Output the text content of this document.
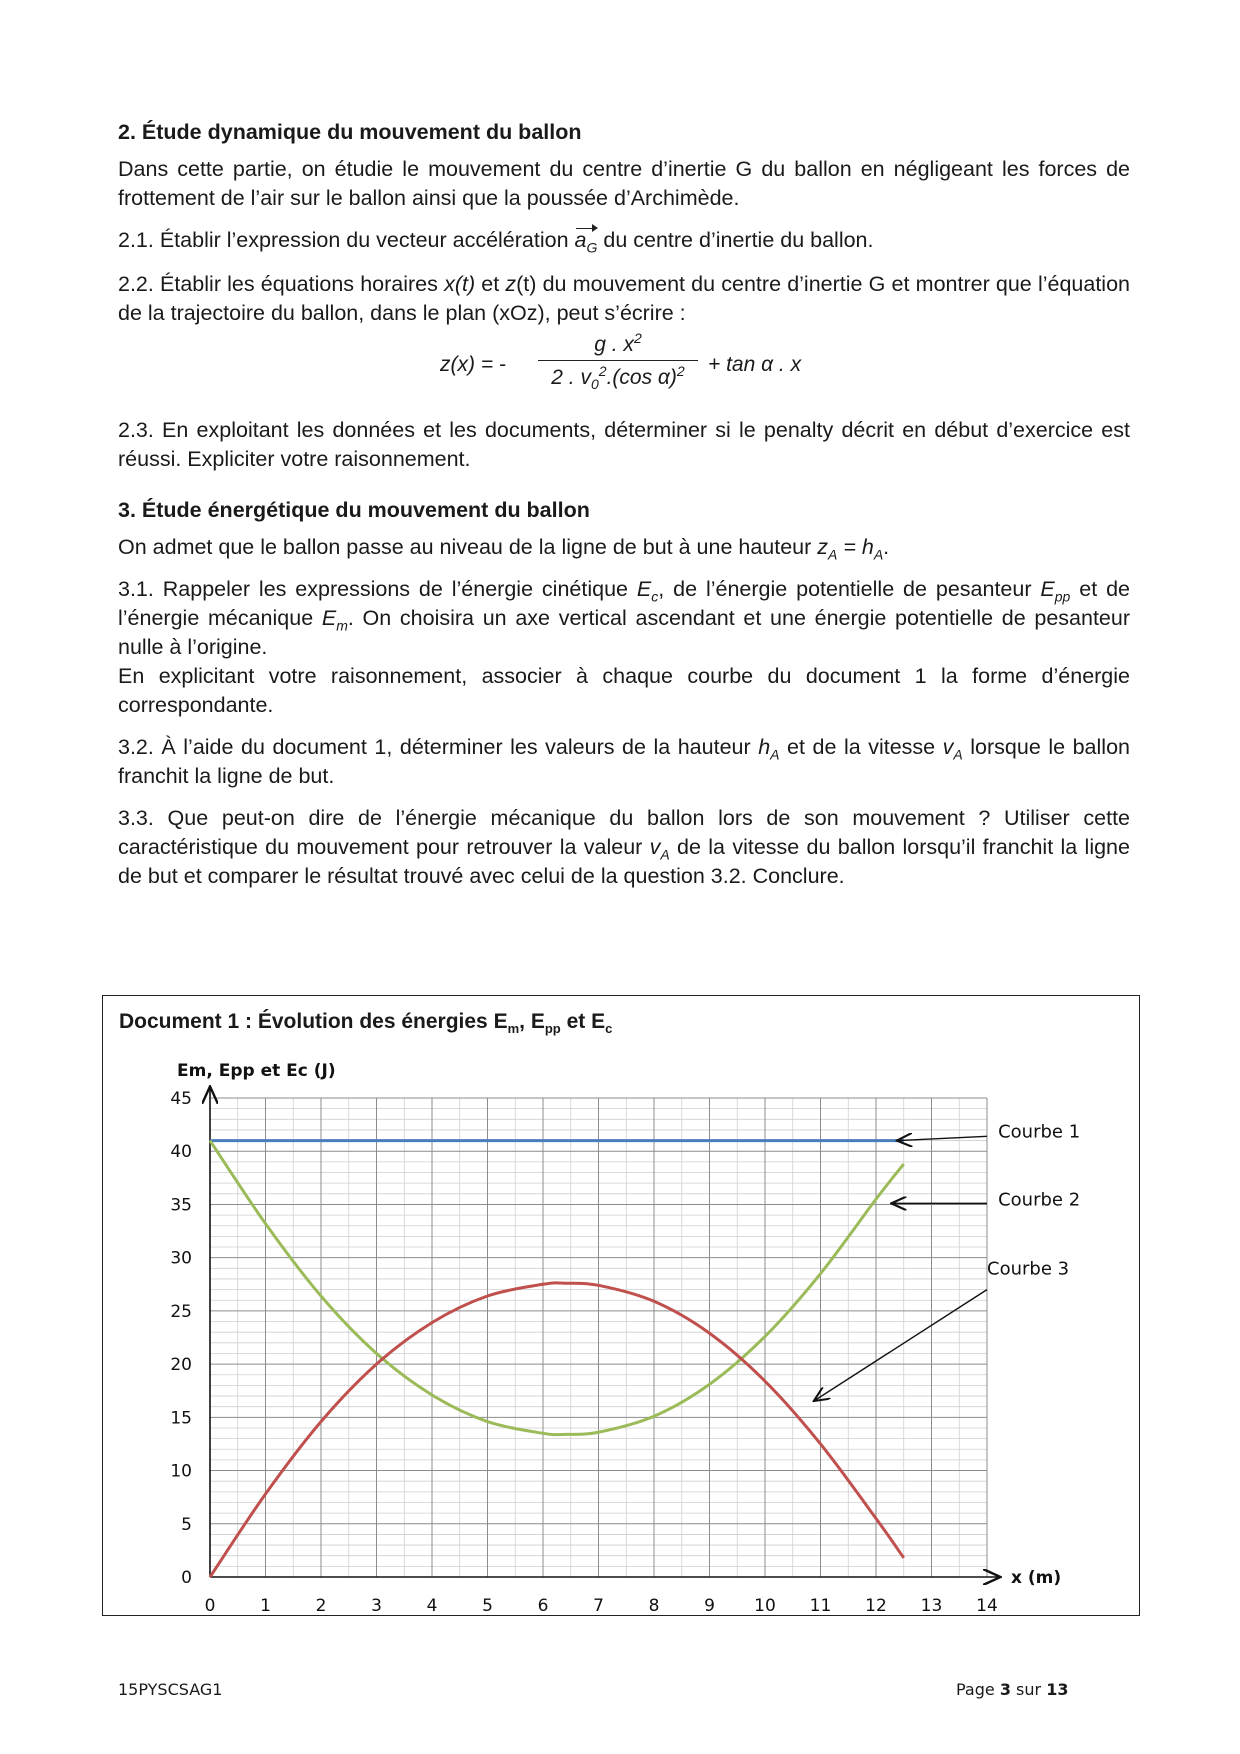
2. Étude dynamique du mouvement du ballon

Dans cette partie, on étudie le mouvement du centre d’inertie G du ballon en négligeant les forces de frottement de l’air sur le ballon ainsi que la poussée d’Archimède.

2.1. Établir l’expression du vecteur accélération $a_G$ du centre d’inertie du ballon.

2.2. Établir les équations horaires x(t) et z(t) du mouvement du centre d’inertie G et montrer que l’équation de la trajectoire du ballon, dans le plan (xOz), peut s’écrire :

z(x) = -
g . $x^2$
2 . $v_0^2.(\cos$ α)$^2$	+ tan α . x

2.3. En exploitant les données et les documents, déterminer si le penalty décrit en début d’exercice est réussi. Expliciter votre raisonnement.

3. Étude énergétique du mouvement du ballon

On admet que le ballon passe au niveau de la ligne de but à une hauteur $z_A = h_A$.

3.1. Rappeler les expressions de l’énergie cinétique $E_c$, de l’énergie potentielle de pesanteur $E_{pp}$ et de l’énergie mécanique $E_m$. On choisira un axe vertical ascendant et une énergie potentielle de pesanteur nulle à l’origine.
En explicitant votre raisonnement, associer à chaque courbe du document 1 la forme d’énergie correspondante.

3.2. À l’aide du document 1, déterminer les valeurs de la hauteur $h_A$ et de la vitesse $v_A$ lorsque le ballon franchit la ligne de but.

3.3. Que peut-on dire de l’énergie mécanique du ballon lors de son mouvement ? Utiliser cette caractéristique du mouvement pour retrouver la valeur $v_A$ de la vitesse du ballon lorsqu’il franchit la ligne de but et comparer le résultat trouvé avec celui de la question 3.2. Conclure.

Document 1 : Évolution des énergies $E_m$, $E_{pp}$ et $E_c$
0
5
10
15
20
25
30
35
40
45
0	1	2	3	4	5	6	7	8	9 10 11 12 13 14
Em, Epp et Ec (J)
x (m)
Courbe 1
Courbe 2
Courbe 3
15PYSCSAG1	Page 3 sur 13
